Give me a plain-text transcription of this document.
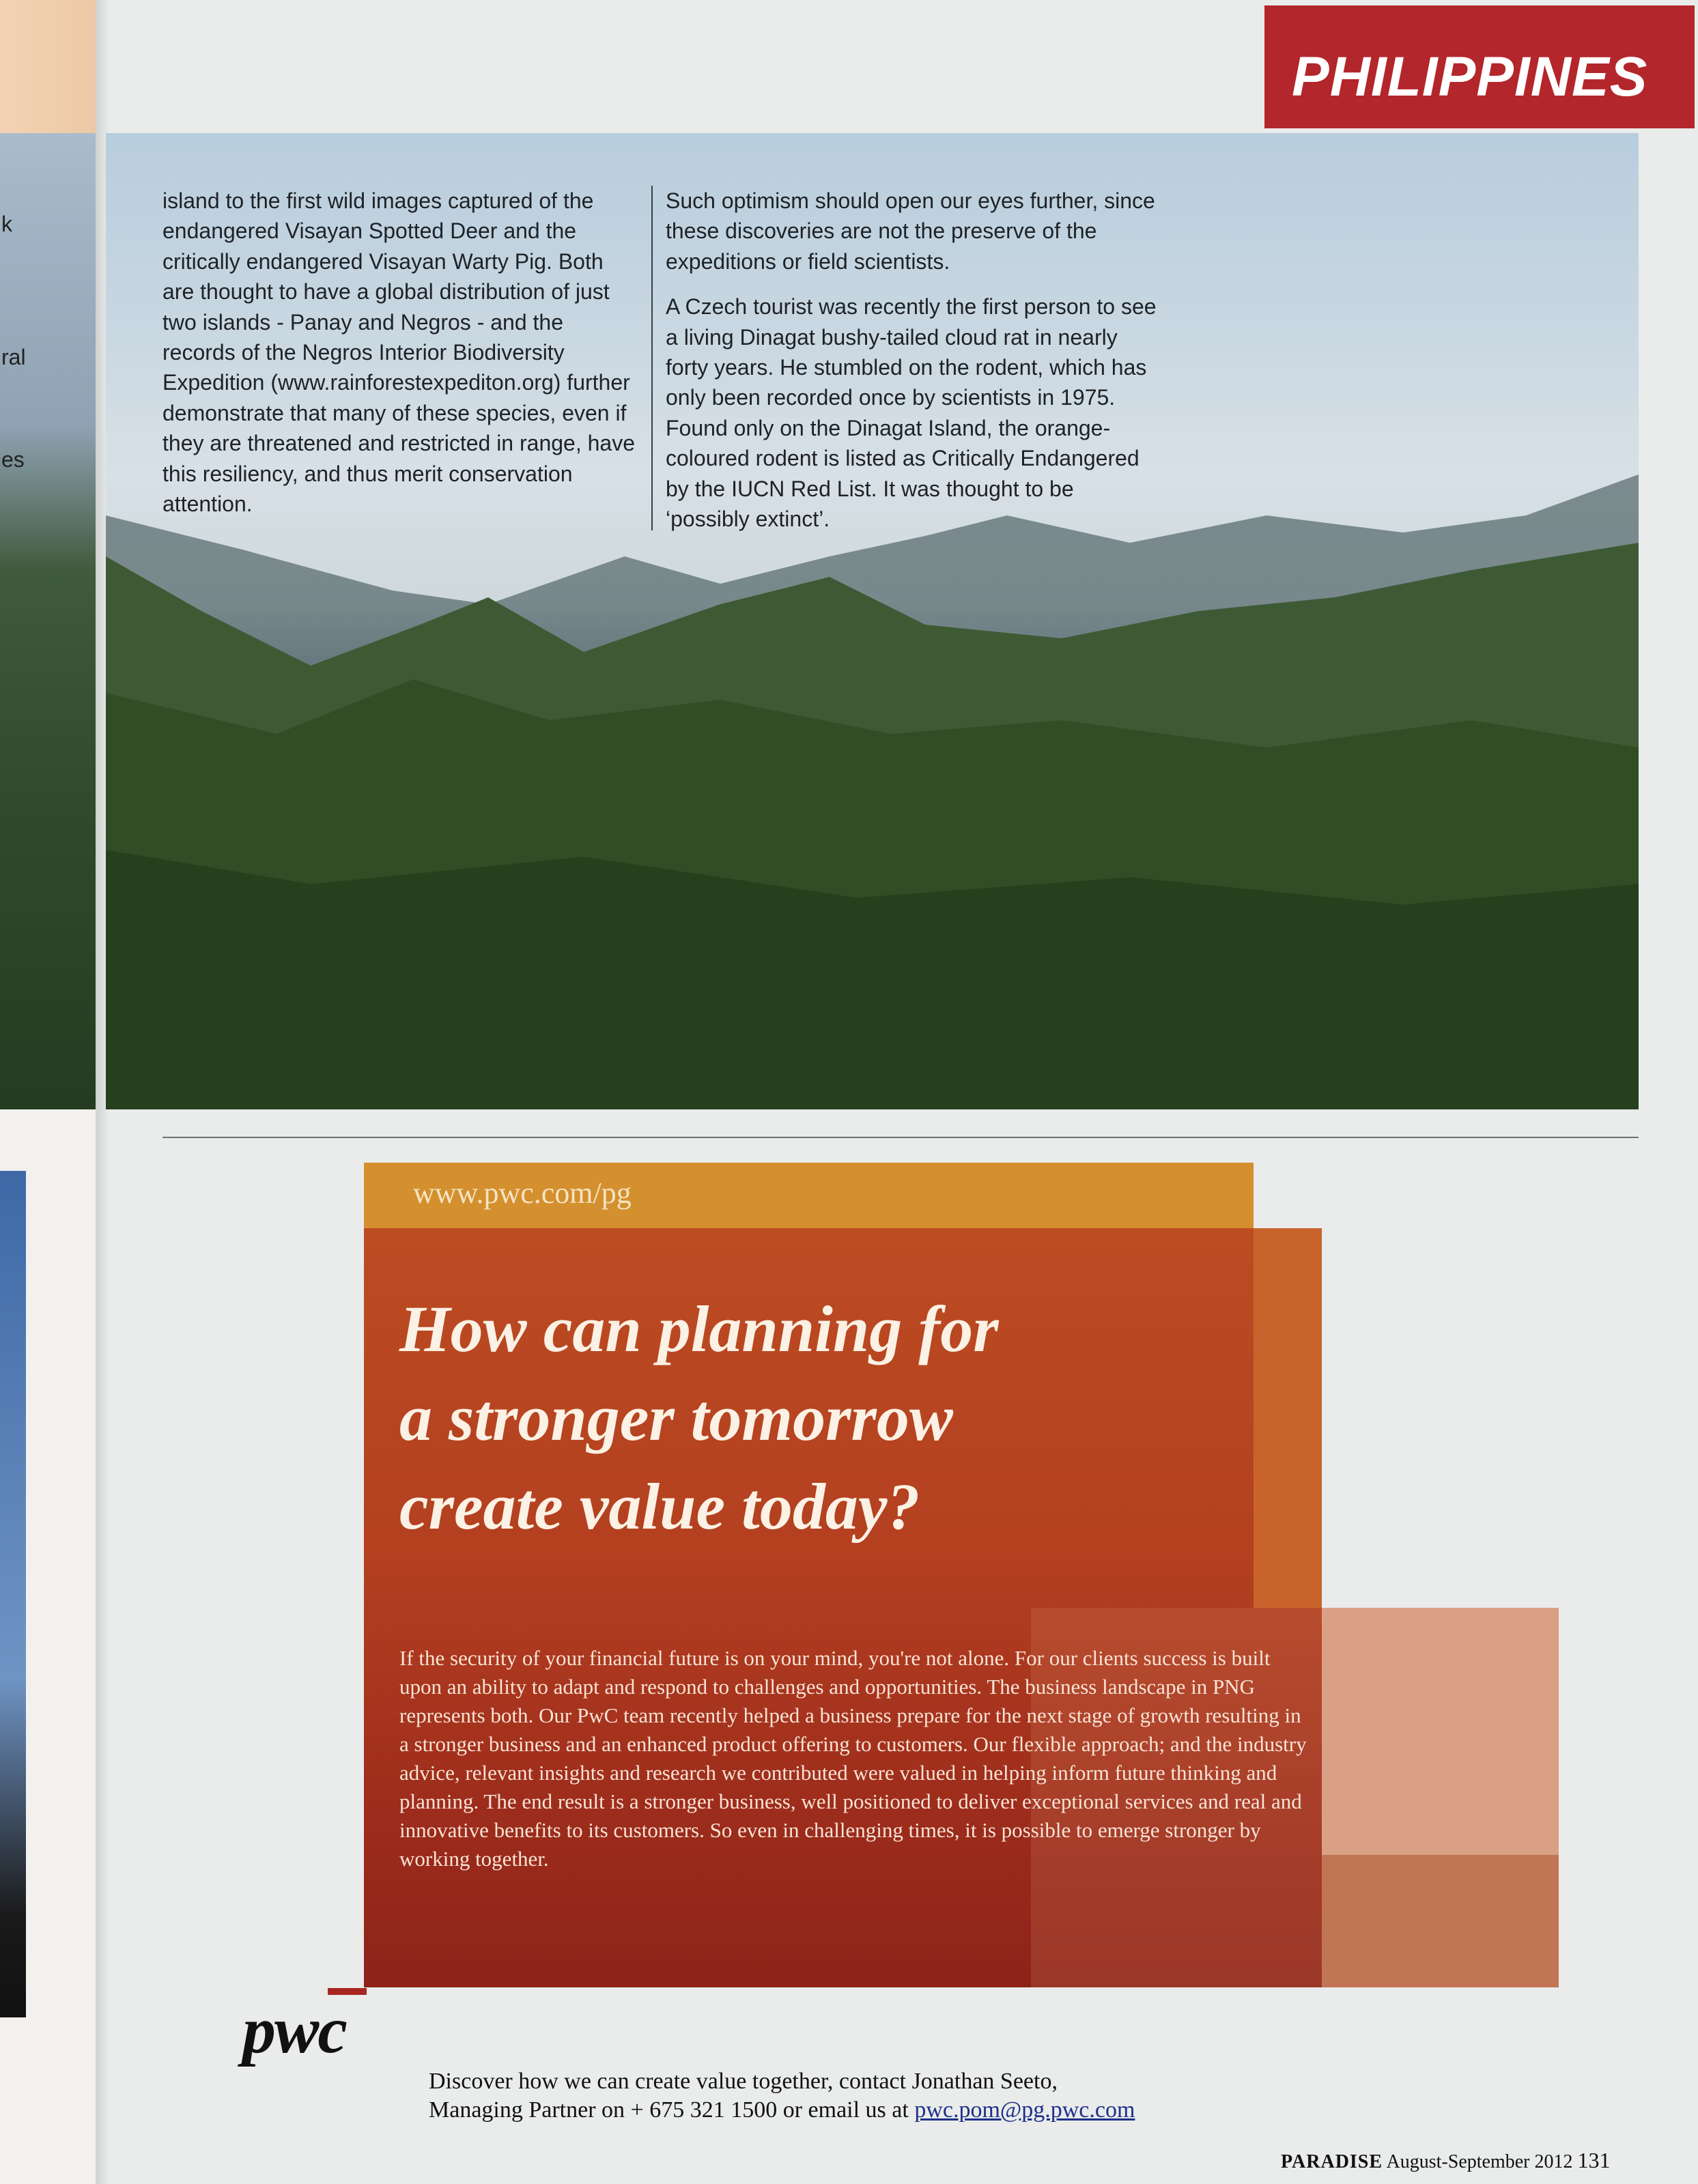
k
ral
es
PHILIPPINES

island to the first wild images captured of the endangered Visayan Spotted Deer and the critically endangered Visayan Warty Pig. Both are thought to have a global distribution of just two islands - Panay and Negros - and the records of the Negros Interior Biodiversity Expedition (www.rainforestexpediton.org) further demonstrate that many of these species, even if they are threatened and restricted in range, have this resiliency, and thus merit conservation attention.

Such optimism should open our eyes further, since these discoveries are not the preserve of the expeditions or field scientists.

A Czech tourist was recently the first person to see a living Dinagat bushy-tailed cloud rat in nearly forty years. He stumbled on the rodent, which has only been recorded once by scientists in 1975. Found only on the Dinagat Island, the orange-coloured rodent is listed as Critically Endangered by the IUCN Red List. It was thought to be ‘possibly extinct’.

www.pwc.com/pg
How can planning for
a stronger tomorrow
create value today?

If the security of your financial future is on your mind, you're not alone. For our clients success is built upon an ability to adapt and respond to challenges and opportunities. The business landscape in PNG represents both. Our PwC team recently helped a business prepare for the next stage of growth resulting in a stronger business and an enhanced product offering to customers. Our flexible approach; and the industry advice, relevant insights and research we contributed were valued in helping inform future thinking and planning. The end result is a stronger business, well positioned to deliver exceptional services and real and innovative benefits to its customers. So even in challenging times, it is possible to emerge stronger by working together.

pwc
Discover how we can create value together, contact Jonathan Seeto,
Managing Partner on + 675 321 1500 or email us at pwc.pom@pg.pwc.com
PARADISE August-September 2012 131
